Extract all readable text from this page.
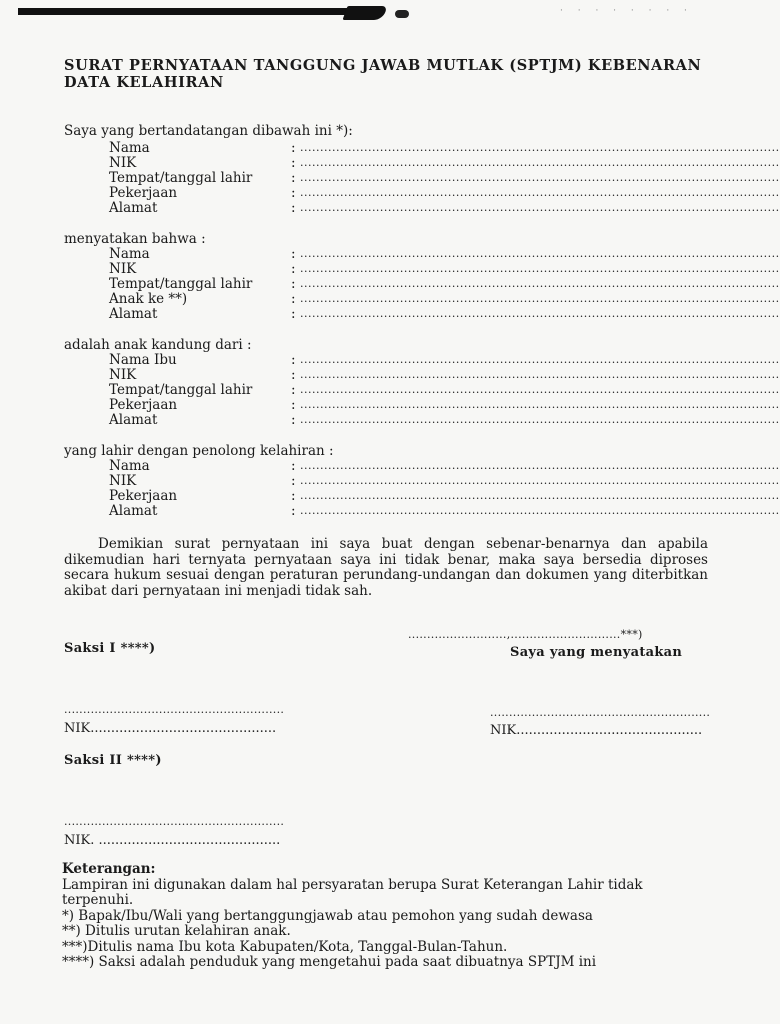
· · · · · · · ·
SURAT PERNYATAAN TANGGUNG JAWAB MUTLAK (SPTJM) KEBENARAN
DATA KELAHIRAN
Saya yang bertandatangan dibawah ini *):
Nama	: ........................................................................................................................
NIK	: ........................................................................................................................
Tempat/tanggal lahir	: ........................................................................................................................
Pekerjaan	: ........................................................................................................................
Alamat	: ........................................................................................................................
menyatakan bahwa :
Nama	: ........................................................................................................................
NIK	: ........................................................................................................................
Tempat/tanggal lahir	: ........................................................................................................................
Anak ke **)	: ........................................................................................................................
Alamat	: ........................................................................................................................
adalah anak kandung dari :
Nama Ibu	: ........................................................................................................................
NIK	: ........................................................................................................................
Tempat/tanggal lahir	: ........................................................................................................................
Pekerjaan	: ........................................................................................................................
Alamat	: ........................................................................................................................
yang lahir dengan penolong kelahiran :
Nama	: ........................................................................................................................
NIK	: ........................................................................................................................
Pekerjaan	: ........................................................................................................................
Alamat	: ........................................................................................................................

Demikian surat pernyataan ini saya buat dengan sebenar-benarnya dan apabila dikemudian hari ternyata pernyataan saya ini tidak benar, maka saya bersedia diproses secara hukum sesuai dengan peraturan perundang-undangan dan dokumen yang diterbitkan akibat dari pernyataan ini menjadi tidak sah.

..........................,.............................***)
Saksi I ****)	Saya yang menyatakan
..........................................................
NIK.............................................
..........................................................
NIK.............................................
Saksi II ****)
..........................................................
NIK. ............................................
Keterangan:
Lampiran ini digunakan dalam hal persyaratan berupa Surat Keterangan Lahir tidak
terpenuhi.
*) Bapak/Ibu/Wali yang bertanggungjawab atau pemohon yang sudah dewasa
**) Ditulis urutan kelahiran anak.
***)Ditulis nama Ibu kota Kabupaten/Kota, Tanggal-Bulan-Tahun.
****) Saksi adalah penduduk yang mengetahui pada saat dibuatnya SPTJM ini
